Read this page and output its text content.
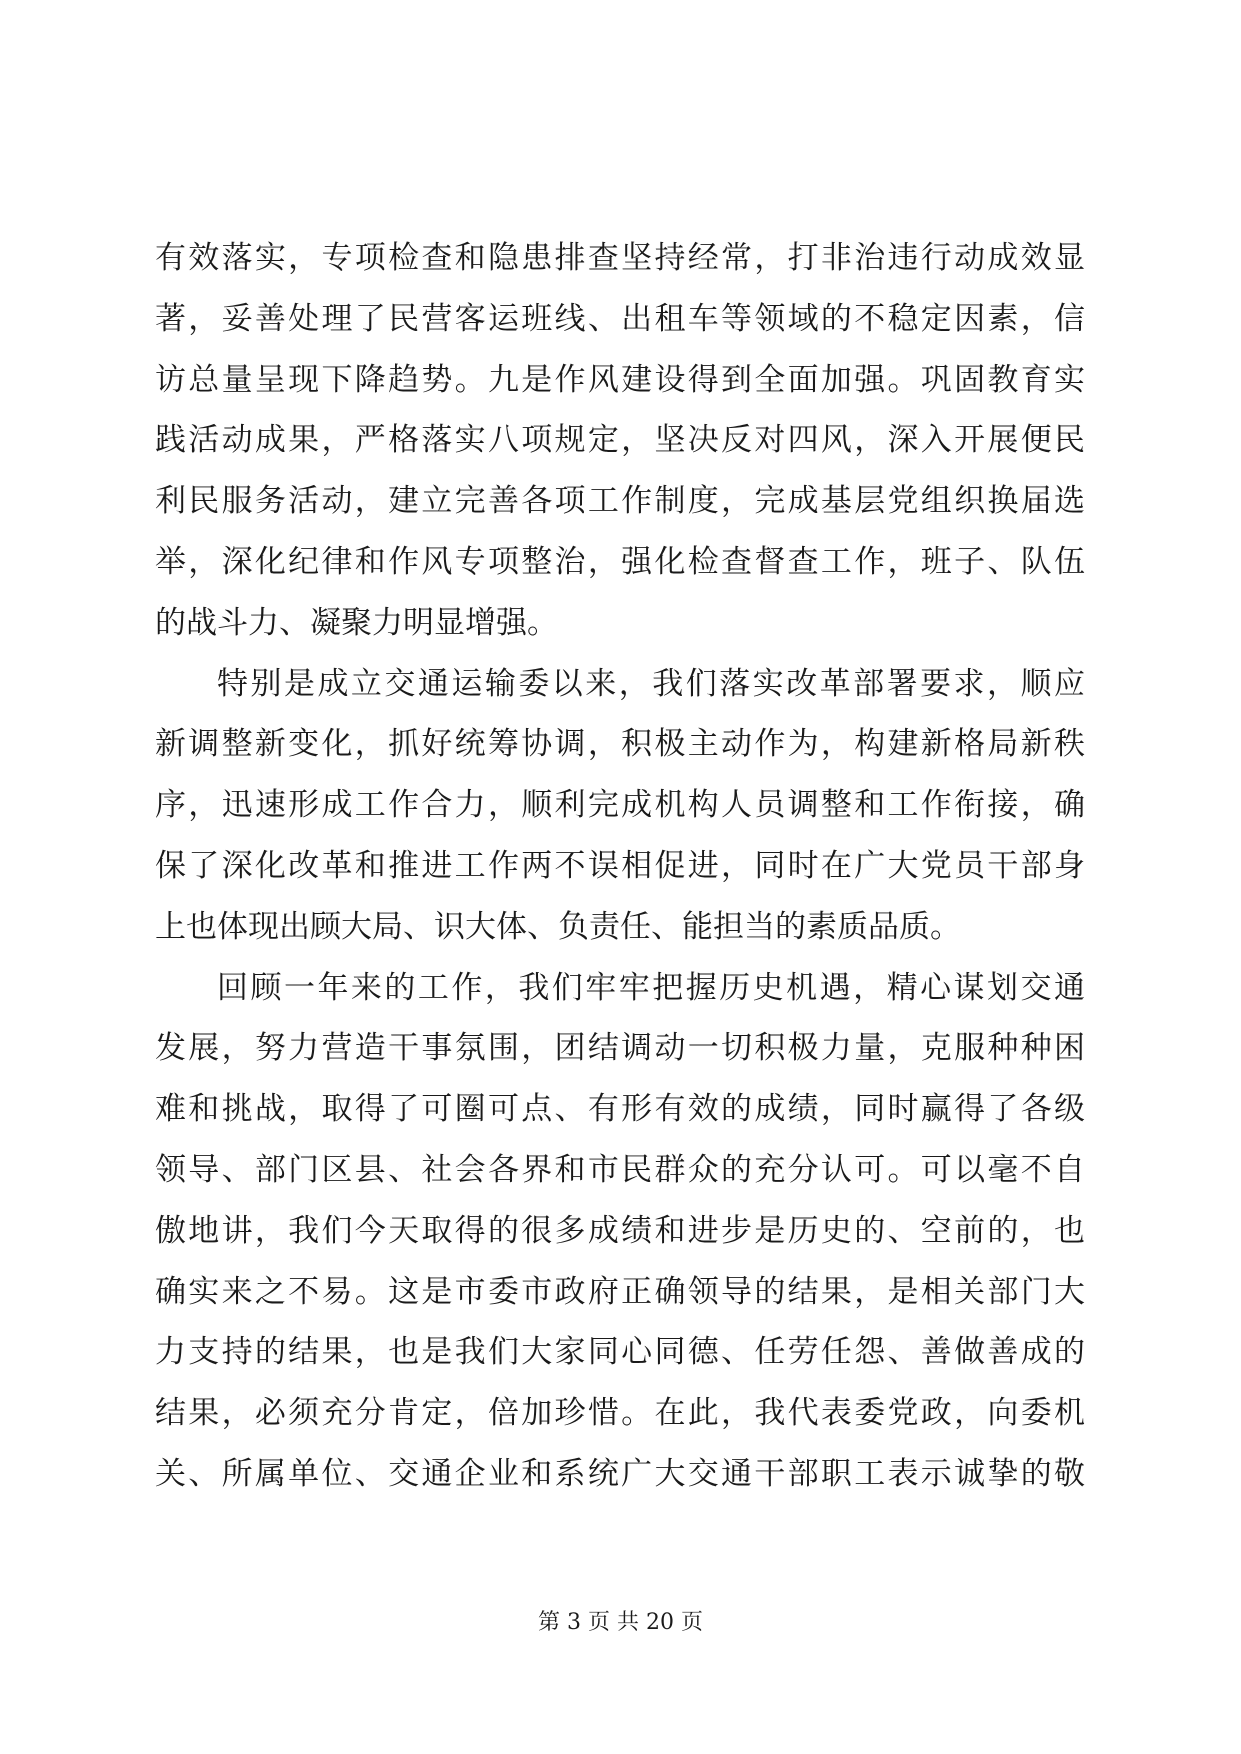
有效落实，专项检查和隐患排查坚持经常，打非治违行动成效显
著，妥善处理了民营客运班线、出租车等领域的不稳定因素，信
访总量呈现下降趋势。九是作风建设得到全面加强。巩固教育实
践活动成果，严格落实八项规定，坚决反对四风，深入开展便民
利民服务活动，建立完善各项工作制度，完成基层党组织换届选
举，深化纪律和作风专项整治，强化检查督查工作，班子、队伍
的战斗力、凝聚力明显增强。
特别是成立交通运输委以来，我们落实改革部署要求，顺应
新调整新变化，抓好统筹协调，积极主动作为，构建新格局新秩
序，迅速形成工作合力，顺利完成机构人员调整和工作衔接，确
保了深化改革和推进工作两不误相促进，同时在广大党员干部身
上也体现出顾大局、识大体、负责任、能担当的素质品质。
回顾一年来的工作，我们牢牢把握历史机遇，精心谋划交通
发展，努力营造干事氛围，团结调动一切积极力量，克服种种困
难和挑战，取得了可圈可点、有形有效的成绩，同时赢得了各级
领导、部门区县、社会各界和市民群众的充分认可。可以毫不自
傲地讲，我们今天取得的很多成绩和进步是历史的、空前的，也
确实来之不易。这是市委市政府正确领导的结果，是相关部门大
力支持的结果，也是我们大家同心同德、任劳任怨、善做善成的
结果，必须充分肯定，倍加珍惜。在此，我代表委党政，向委机
关、所属单位、交通企业和系统广大交通干部职工表示诚挚的敬
第 3 页 共 20 页
